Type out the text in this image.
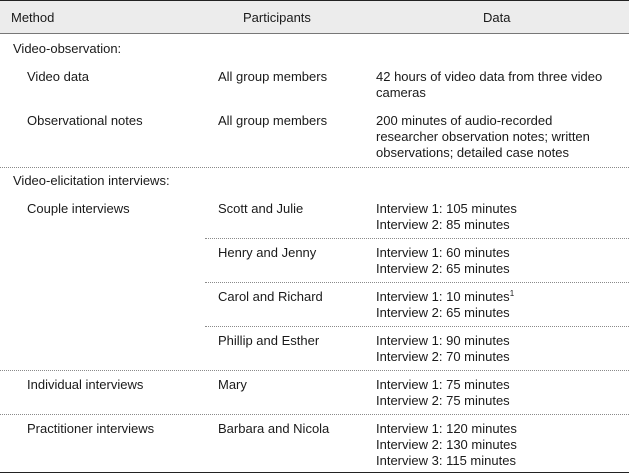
Method	Participants	Data
Video-observation:
Video data	All group members	42 hours of video data from three video
cameras
Observational notes	All group members	200 minutes of audio-recorded
researcher observation notes; written
observations; detailed case notes
Video-elicitation interviews:
Couple interviews	Scott and Julie	Interview 1: 105 minutes
Interview 2: 85 minutes
Henry and Jenny	Interview 1: 60 minutes
Interview 2: 65 minutes
Carol and Richard	Interview 1: 10 minutes$^1$
Interview 2: 65 minutes
Phillip and Esther	Interview 1: 90 minutes
Interview 2: 70 minutes
Individual interviews	Mary	Interview 1: 75 minutes
Interview 2: 75 minutes
Practitioner interviews	Barbara and Nicola	Interview 1: 120 minutes
Interview 2: 130 minutes
Interview 3: 115 minutes
